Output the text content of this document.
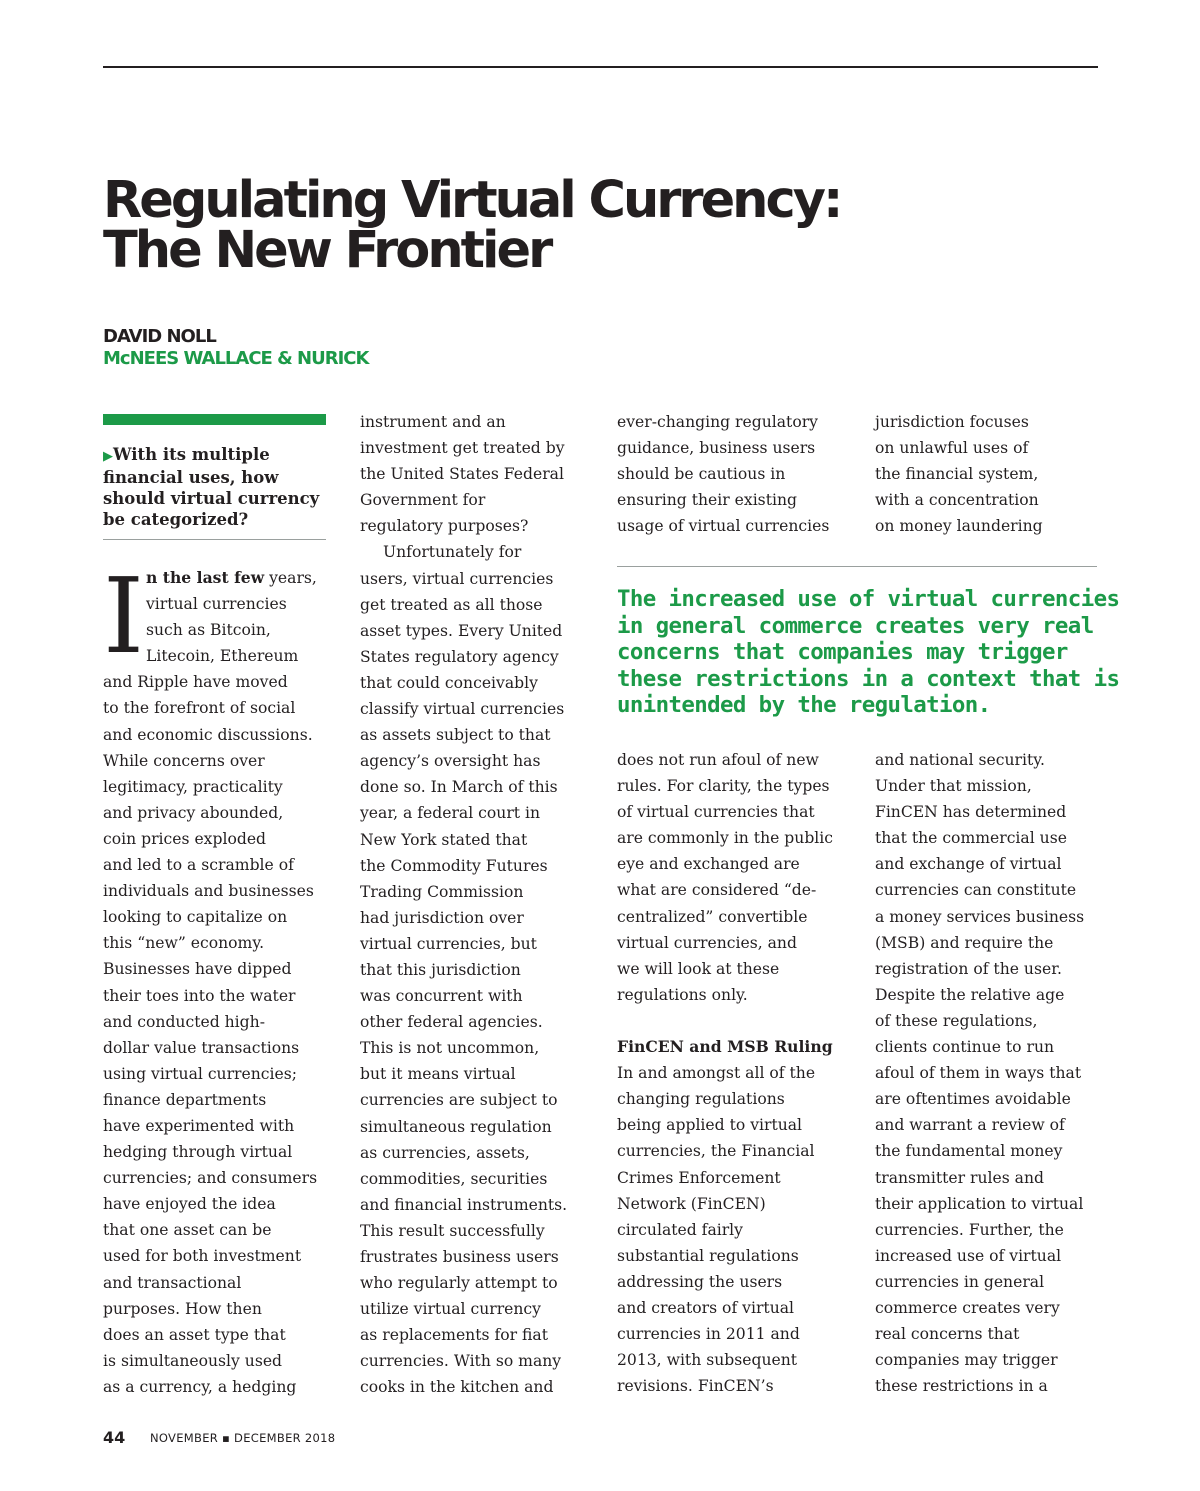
Regulating Virtual Currency:
The New Frontier
DAVID NOLL
McNEES WALLACE & NURICK

▶With its multiple
financial uses, how
should virtual currency
be categorized?

I n the last few years,
virtual currencies
such as Bitcoin,
Litecoin, Ethereum
and Ripple have moved
to the forefront of social
and economic discussions.
While concerns over
legitimacy, practicality
and privacy abounded,
coin prices exploded
and led to a scramble of
individuals and businesses
looking to capitalize on
this “new” economy.
Businesses have dipped
their toes into the water
and conducted high-
dollar value transactions
using virtual currencies;
finance departments
have experimented with
hedging through virtual
currencies; and consumers
have enjoyed the idea
that one asset can be
used for both investment
and transactional
purposes. How then
does an asset type that
is simultaneously used
as a currency, a hedging
instrument and an
investment get treated by
the United States Federal
Government for
regulatory purposes?
Unfortunately for
users, virtual currencies
get treated as all those
asset types. Every United
States regulatory agency
that could conceivably
classify virtual currencies
as assets subject to that
agency’s oversight has
done so. In March of this
year, a federal court in
New York stated that
the Commodity Futures
Trading Commission
had jurisdiction over
virtual currencies, but
that this jurisdiction
was concurrent with
other federal agencies.
This is not uncommon,
but it means virtual
currencies are subject to
simultaneous regulation
as currencies, assets,
commodities, securities
and financial instruments.
This result successfully
frustrates business users
who regularly attempt to
utilize virtual currency
as replacements for fiat
currencies. With so many
cooks in the kitchen and
ever-changing regulatory
guidance, business users
should be cautious in
ensuring their existing
usage of virtual currencies
jurisdiction focuses
on unlawful uses of
the financial system,
with a concentration
on money laundering

The increased use of virtual currencies
in general commerce creates very real
concerns that companies may trigger
these restrictions in a context that is
unintended by the regulation.

does not run afoul of new
rules. For clarity, the types
of virtual currencies that
are commonly in the public
eye and exchanged are
what are considered “de-
centralized” convertible
virtual currencies, and
we will look at these
regulations only.

FinCEN and MSB Ruling
In and amongst all of the
changing regulations
being applied to virtual
currencies, the Financial
Crimes Enforcement
Network (FinCEN)
circulated fairly
substantial regulations
addressing the users
and creators of virtual
currencies in 2011 and
2013, with subsequent
revisions. FinCEN’s
and national security.
Under that mission,
FinCEN has determined
that the commercial use
and exchange of virtual
currencies can constitute
a money services business
(MSB) and require the
registration of the user.
Despite the relative age
of these regulations,
clients continue to run
afoul of them in ways that
are oftentimes avoidable
and warrant a review of
the fundamental money
transmitter rules and
their application to virtual
currencies. Further, the
increased use of virtual
currencies in general
commerce creates very
real concerns that
companies may trigger
these restrictions in a
44 NOVEMBER ▪ DECEMBER 2018
